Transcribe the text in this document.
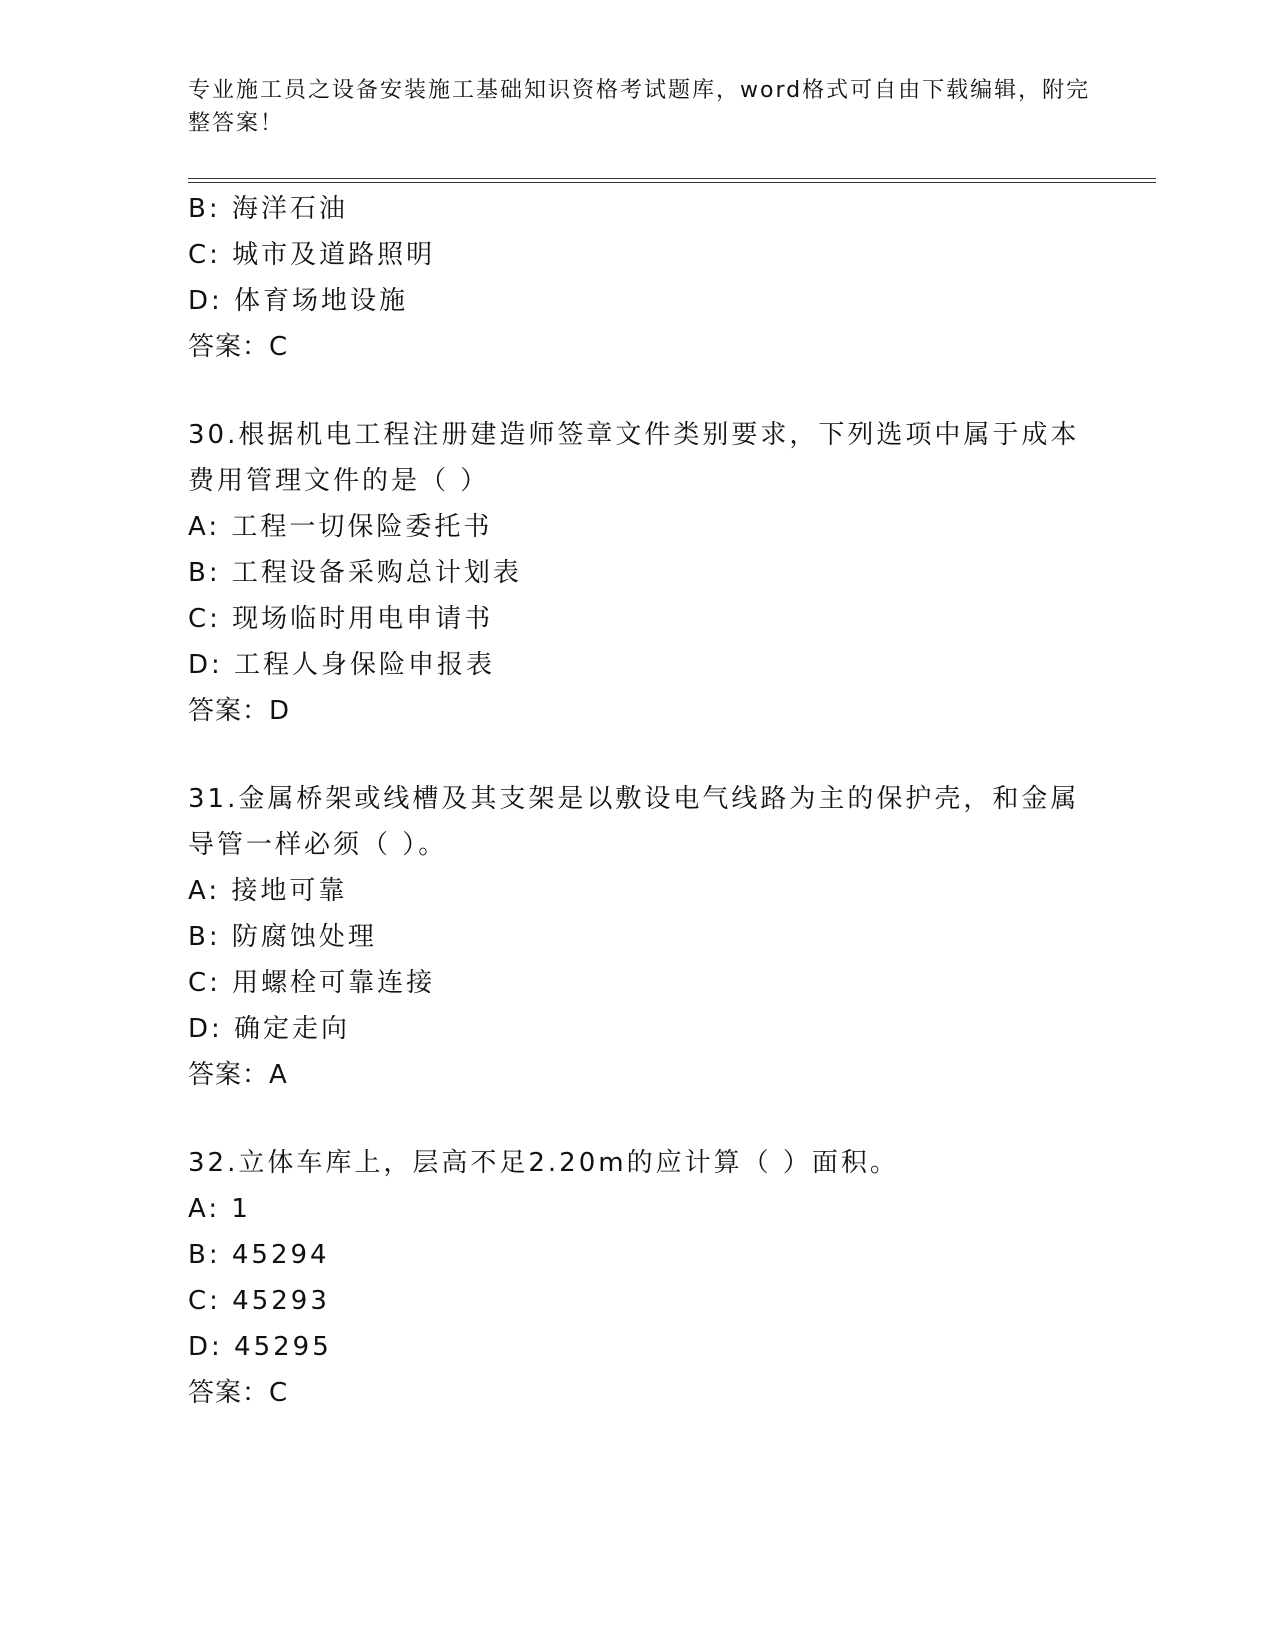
专业施工员之设备安装施工基础知识资格考试题库，word格式可自由下载编辑，附完整答案！
B: 海洋石油
C: 城市及道路照明
D: 体育场地设施
答案：C
30.根据机电工程注册建造师签章文件类别要求，下列选项中属于成本费用管理文件的是（ ）
A: 工程一切保险委托书
B: 工程设备采购总计划表
C: 现场临时用电申请书
D: 工程人身保险申报表
答案：D
31.金属桥架或线槽及其支架是以敷设电气线路为主的保护壳，和金属导管一样必须（ ）。
A: 接地可靠
B: 防腐蚀处理
C: 用螺栓可靠连接
D: 确定走向
答案：A
32.立体车库上，层高不足2.20m的应计算（ ）面积。
A: 1
B: 45294
C: 45293
D: 45295
答案：C
